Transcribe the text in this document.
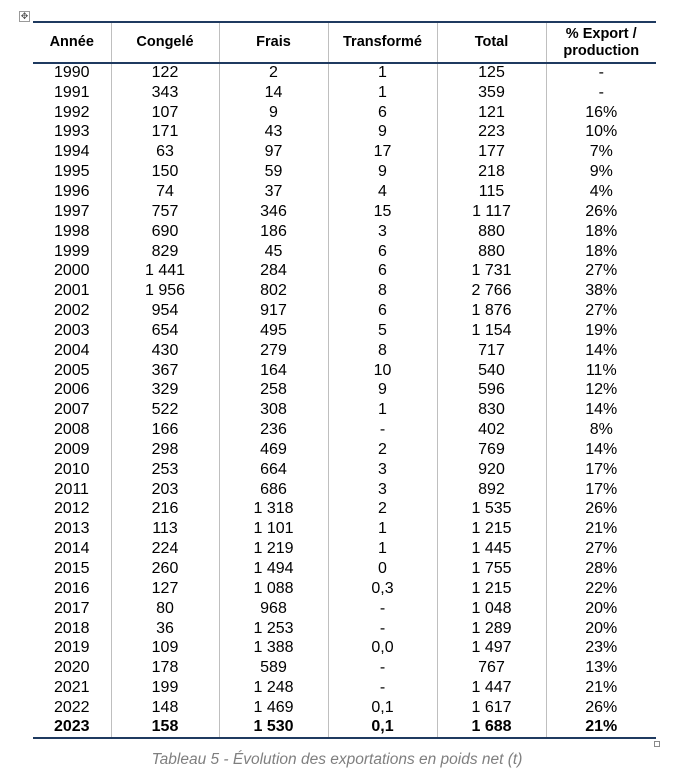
✥
Année	Congelé	Frais	Transformé	Total	% Export /
production
1990	122	2	1	125	-
1991	343	14	1	359	-
1992	107	9	6	121	16%
1993	171	43	9	223	10%
1994	63	97	17	177	7%
1995	150	59	9	218	9%
1996	74	37	4	115	4%
1997	757	346	15	1 117	26%
1998	690	186	3	880	18%
1999	829	45	6	880	18%
2000	1 441	284	6	1 731	27%
2001	1 956	802	8	2 766	38%
2002	954	917	6	1 876	27%
2003	654	495	5	1 154	19%
2004	430	279	8	717	14%
2005	367	164	10	540	11%
2006	329	258	9	596	12%
2007	522	308	1	830	14%
2008	166	236	-	402	8%
2009	298	469	2	769	14%
2010	253	664	3	920	17%
2011	203	686	3	892	17%
2012	216	1 318	2	1 535	26%
2013	113	1 101	1	1 215	21%
2014	224	1 219	1	1 445	27%
2015	260	1 494	0	1 755	28%
2016	127	1 088	0,3	1 215	22%
2017	80	968	-	1 048	20%
2018	36	1 253	-	1 289	20%
2019	109	1 388	0,0	1 497	23%
2020	178	589	-	767	13%
2021	199	1 248	-	1 447	21%
2022	148	1 469	0,1	1 617	26%
2023	158	1 530	0,1	1 688	21%
Tableau 5 - Évolution des exportations en poids net (t)
